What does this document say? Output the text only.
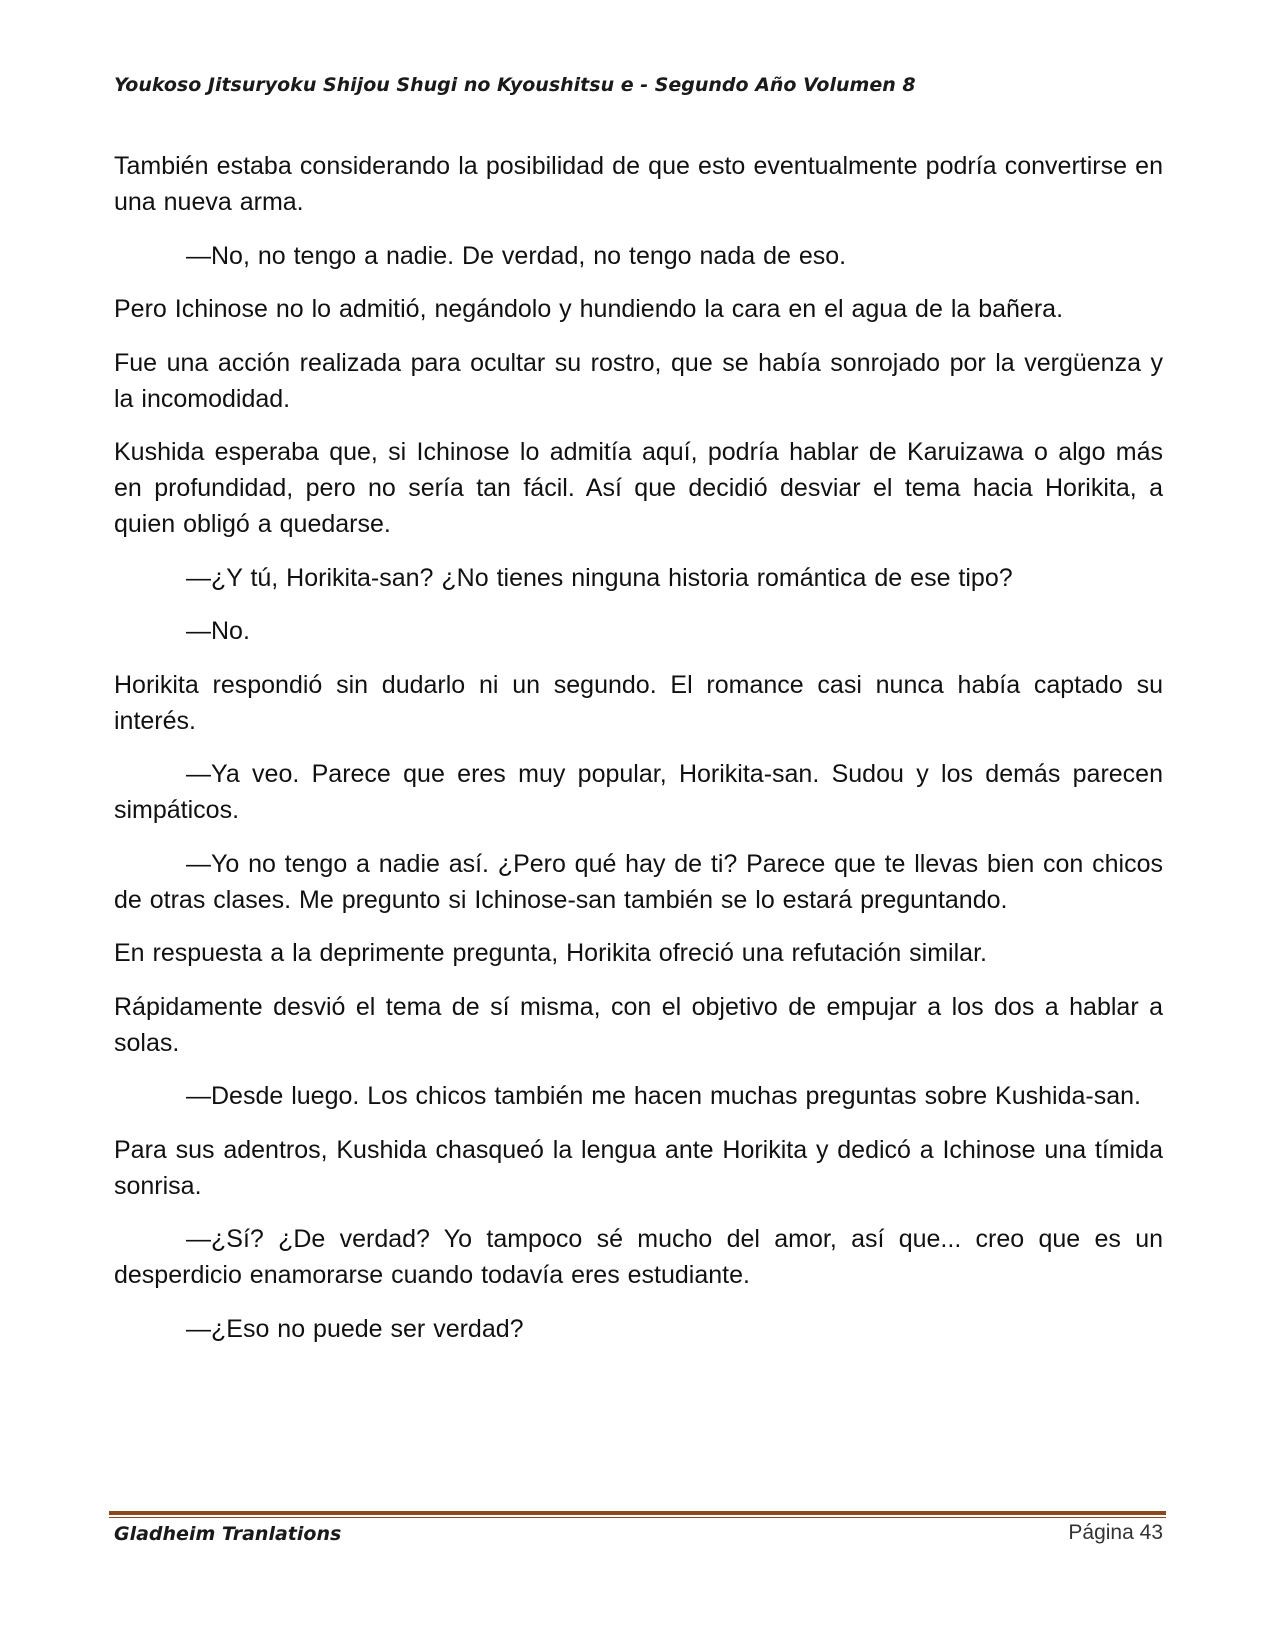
Youkoso Jitsuryoku Shijou Shugi no Kyoushitsu e - Segundo Año Volumen 8

También estaba considerando la posibilidad de que esto eventualmente podría convertirse en una nueva arma.

—No, no tengo a nadie. De verdad, no tengo nada de eso.

Pero Ichinose no lo admitió, negándolo y hundiendo la cara en el agua de la bañera.

Fue una acción realizada para ocultar su rostro, que se había sonrojado por la vergüenza y la incomodidad.

Kushida esperaba que, si Ichinose lo admitía aquí, podría hablar de Karuizawa o algo más en profundidad, pero no sería tan fácil. Así que decidió desviar el tema hacia Horikita, a quien obligó a quedarse.

—¿Y tú, Horikita-san? ¿No tienes ninguna historia romántica de ese tipo?

—No.

Horikita respondió sin dudarlo ni un segundo. El romance casi nunca había captado su interés.

—Ya veo. Parece que eres muy popular, Horikita-san. Sudou y los demás parecen simpáticos.

—Yo no tengo a nadie así. ¿Pero qué hay de ti? Parece que te llevas bien con chicos de otras clases. Me pregunto si Ichinose-san también se lo estará preguntando.

En respuesta a la deprimente pregunta, Horikita ofreció una refutación similar.

Rápidamente desvió el tema de sí misma, con el objetivo de empujar a los dos a hablar a solas.

—Desde luego. Los chicos también me hacen muchas preguntas sobre Kushida-san.

Para sus adentros, Kushida chasqueó la lengua ante Horikita y dedicó a Ichinose una tímida sonrisa.

—¿Sí? ¿De verdad? Yo tampoco sé mucho del amor, así que... creo que es un desperdicio enamorarse cuando todavía eres estudiante.

—¿Eso no puede ser verdad?

Gladheim Tranlations	Página 43
